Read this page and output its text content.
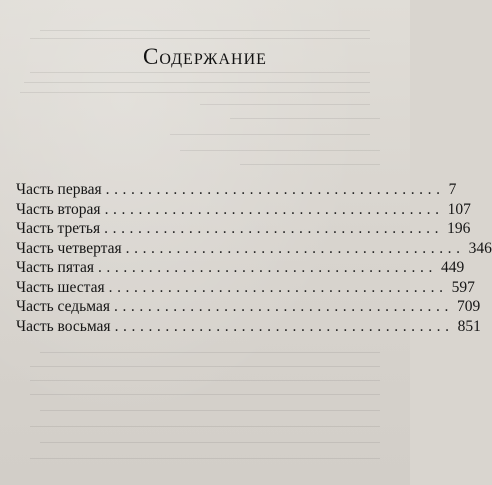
Содержание
Часть первая ........................................ 7
Часть вторая ........................................ 107
Часть третья ........................................ 196
Часть четвертая ........................................ 346
Часть пятая ........................................ 449
Часть шестая ........................................ 597
Часть седьмая ........................................ 709
Часть восьмая ........................................ 851
